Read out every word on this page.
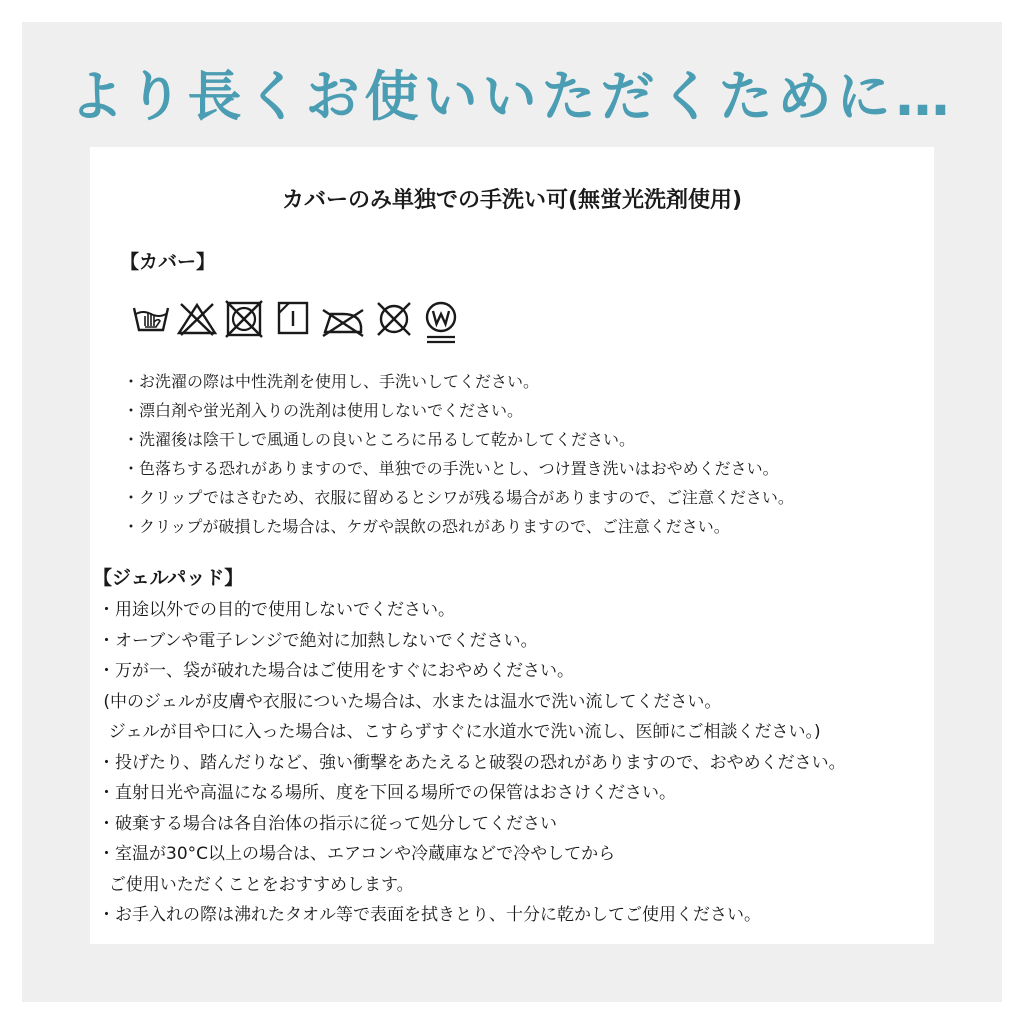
より長くお使いいただくために…
カバーのみ単独での手洗い可(無蛍光洗剤使用)
【カバー】
・お洗濯の際は中性洗剤を使用し、手洗いしてください。
・漂白剤や蛍光剤入りの洗剤は使用しないでください。
・洗濯後は陰干しで風通しの良いところに吊るして乾かしてください。
・色落ちする恐れがありますので、単独での手洗いとし、つけ置き洗いはおやめください。
・クリップではさむため、衣服に留めるとシワが残る場合がありますので、ご注意ください。
・クリップが破損した場合は、ケガや誤飲の恐れがありますので、ご注意ください。
【ジェルパッド】
・用途以外での目的で使用しないでください。
・オーブンや電子レンジで絶対に加熱しないでください。
・万が一、袋が破れた場合はご使用をすぐにおやめください。
(中のジェルが皮膚や衣服についた場合は、水または温水で洗い流してください。
ジェルが目や口に入った場合は、こすらずすぐに水道水で洗い流し、医師にご相談ください。)
・投げたり、踏んだりなど、強い衝撃をあたえると破裂の恐れがありますので、おやめください。
・直射日光や高温になる場所、度を下回る場所での保管はおさけください。
・破棄する場合は各自治体の指示に従って処分してください
・室温が30°C以上の場合は、エアコンや冷蔵庫などで冷やしてから
ご使用いただくことをおすすめします。
・お手入れの際は沸れたタオル等で表面を拭きとり、十分に乾かしてご使用ください。
